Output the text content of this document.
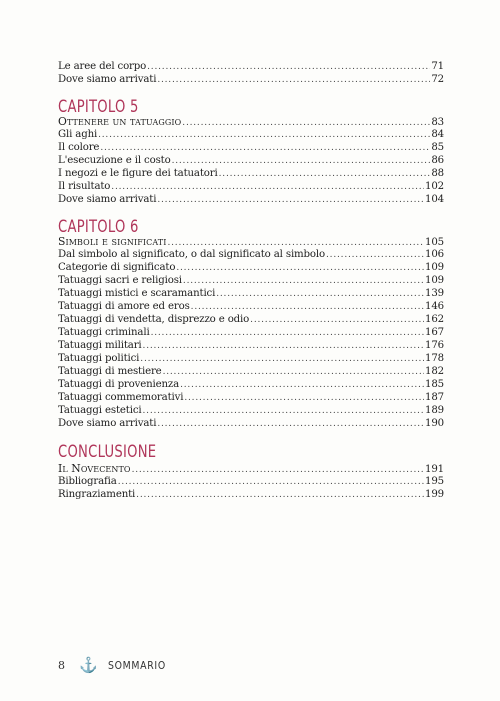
Le aree del corpo .....	71
Dove siamo arrivati .....	72
CAPITOLO 5
Ottenere un tatuaggio .....	83
Gli aghi .....	84
Il colore .....	85
L'esecuzione e il costo .....	86
I negozi e le figure dei tatuatori .....	88
Il risultato .....	102
Dove siamo arrivati .....	104
CAPITOLO 6
Simboli e significati .....	105
Dal simbolo al significato, o dal significato al simbolo .....	106
Categorie di significato .....	109
Tatuaggi sacri e religiosi .....	109
Tatuaggi mistici e scaramantici .....	139
Tatuaggi di amore ed eros .....	146
Tatuaggi di vendetta, disprezzo e odio .....	162
Tatuaggi criminali .....	167
Tatuaggi militari .....	176
Tatuaggi politici .....	178
Tatuaggi di mestiere .....	182
Tatuaggi di provenienza .....	185
Tatuaggi commemorativi .....	187
Tatuaggi estetici .....	189
Dove siamo arrivati .....	190
CONCLUSIONE
Il Novecento .....	191
Bibliografia .....	195
Ringraziamenti .....	199
8 ⚓ SOMMARIO
